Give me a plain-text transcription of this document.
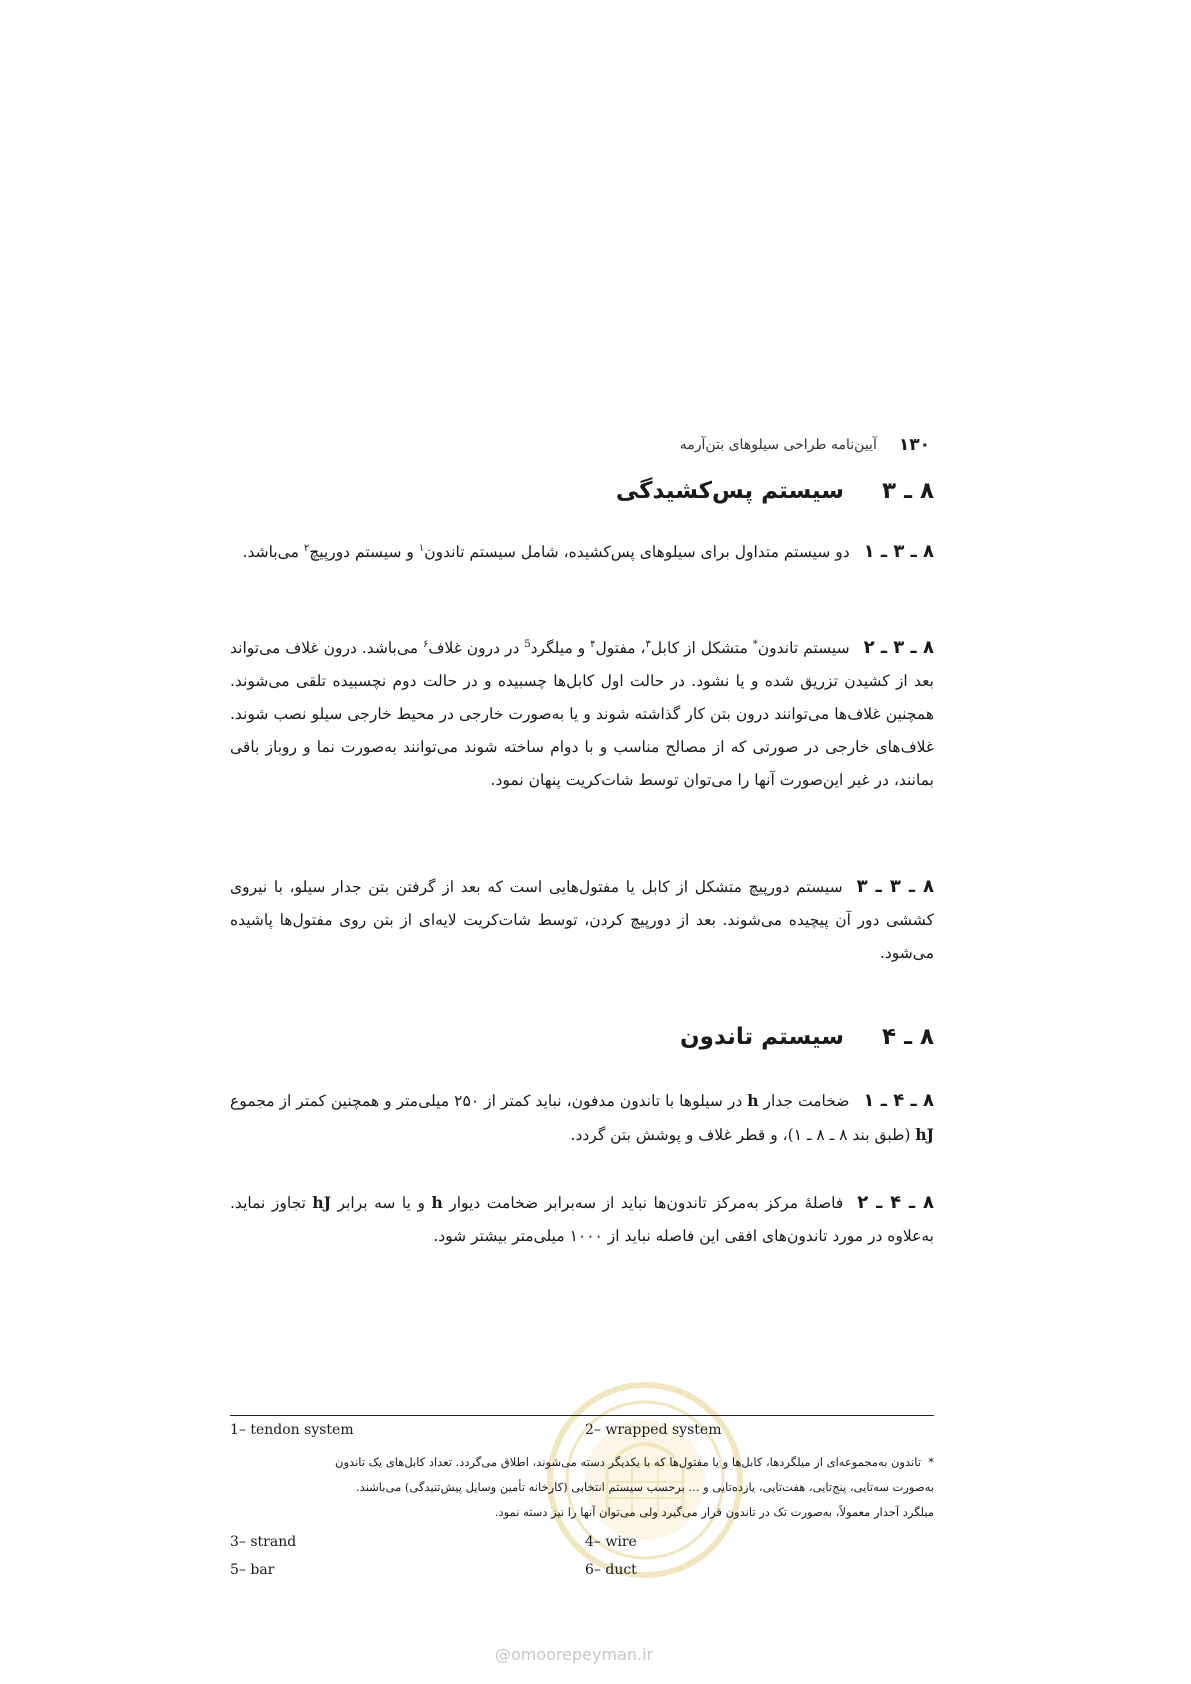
۱۳۰
آیین‌نامه طراحی سیلوهای بتن‌آرمه
۸ ـ ۳  سیستم پس‌کشیدگی
۸ ـ ۳ ـ ۱دو سیستم متداول برای سیلوهای پس‌کشیده، شامل سیستم تاندون$^۱$ و سیستم دورپیچ$^۲$ می‌باشد.
۸ ـ ۳ ـ ۲سیستم تاندون* متشکل از کابل$^۳$، مفتول$^۴$ و میلگرد$^5$ در درون غلاف$^۶$ می‌باشد. درون غلاف می‌تواند بعد از کشیدن تزریق شده و یا نشود. در حالت اول کابل‌ها چسبیده و در حالت دوم نچسبیده تلقی می‌شوند. همچنین غلاف‌ها می‌توانند درون بتن کار گذاشته شوند و یا به‌صورت خارجی در محیط خارجی سیلو نصب شوند. غلاف‌های خارجی در صورتی که از مصالح مناسب و با دوام ساخته شوند می‌توانند به‌صورت نما و روباز باقی بمانند، در غیر این‌صورت آنها را می‌توان توسط شات‌کریت پنهان نمود.
۸ ـ ۳ ـ ۳سیستم دورپیچ متشکل از کابل یا مفتول‌هایی است که بعد از گرفتن بتن جدار سیلو، با نیروی کششی دور آن پیچیده می‌شوند. بعد از دورپیچ کردن، توسط شات‌کریت لایه‌ای از بتن روی مفتول‌ها پاشیده می‌شود.
۸ ـ ۴  سیستم تاندون
۸ ـ ۴ ـ ۱ضخامت جدار h در سیلوها با تاندون مدفون، نباید کمتر از ۲۵۰ میلی‌متر و همچنین کمتر از مجموع hJ (طبق بند ۸ ـ ۸ ـ ۱)، و قطر غلاف و پوشش بتن گردد.
۸ ـ ۴ ـ ۲فاصلهٔ مرکز به‌مرکز تاندون‌ها نباید از سه‌برابر ضخامت دیوار h و یا سه برابر hJ تجاوز نماید. به‌علاوه در مورد تاندون‌های افقی این فاصله نباید از ۱۰۰۰ میلی‌متر بیشتر شود.
1– tendon system	2– wrapped system
*  تاندون به‌مجموعه‌ای از میلگردها، کابل‌ها و یا مفتول‌ها که با یکدیگر دسته می‌شوند، اطلاق می‌گردد. تعداد کابل‌های یک تاندون
به‌صورت سه‌تایی، پنج‌تایی، هفت‌تایی، یازده‌تایی و ... برحسب سیستم انتخابی (کارخانه تأمین وسایل پیش‌تنیدگی) می‌باشند.
میلگرد آجدار معمولاً، به‌صورت تک در تاندون قرار می‌گیرد ولی می‌توان آنها را نیز دسته نمود.
3– strand	4– wire
5– bar	6– duct
@omoorepeyman.ir
